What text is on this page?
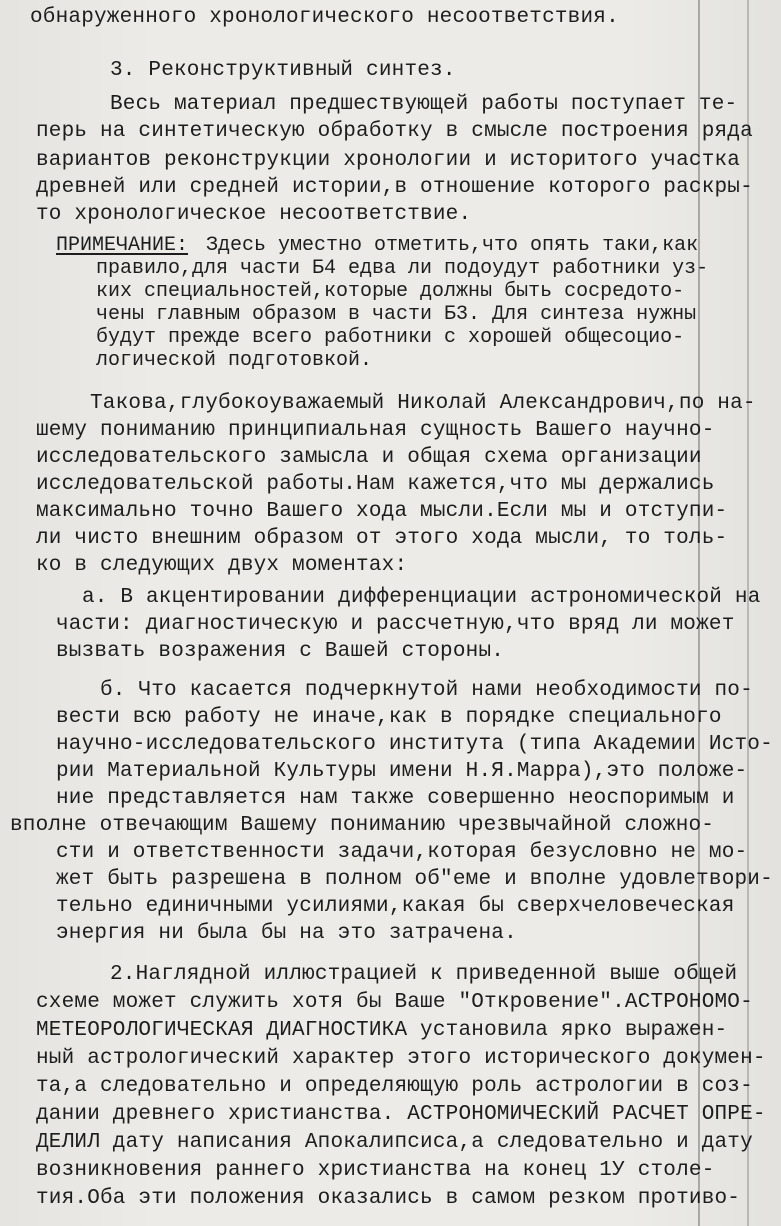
обнаруженного хронологического несоответствия.
3. Реконструктивный синтез.
Весь материал предшествующей работы поступает те-
перь на синтетическую обработку в смысле построения ряда
вариантов реконструкции хронологии и историтого участка
древней или средней истории,в отношение которого раскры-
то хронологическое несоответствие.
ПРИМЕЧАНИЕ: Здесь уместно отметить,что опять таки,как
правило,для части Б4 едва ли подоудут работники уз-
ких специальностей,которые должны быть сосредото-
чены главным образом в части Б3. Для синтеза нужны
будут прежде всего работники с хорошей общесоцио-
логической подготовкой.
Такова,глубокоуважаемый Николай Александрович,по на-
шему пониманию принципиальная сущность Вашего научно-
исследовательского замысла и общая схема организации
исследовательской работы.Нам кажется,что мы держались
максимально точно Вашего хода мысли.Если мы и отступи-
ли чисто внешним образом от этого хода мысли, то толь-
ко в следующих двух моментах:
а. В акцентировании дифференциации астрономической на
части: диагностическую и рассчетную,что вряд ли может
вызвать возражения с Вашей стороны.
б. Что касается подчеркнутой нами необходимости по-
вести всю работу не иначе,как в порядке специального
научно-исследовательского института (типа Академии Исто-
рии Материальной Культуры имени Н.Я.Марра),это положе-
ние представляется нам также совершенно неоспоримым и
вполне отвечающим Вашему пониманию чрезвычайной сложно-
сти и ответственности задачи,которая безусловно не мо-
жет быть разрешена в полном об"еме и вполне удовлетвори-
тельно единичными усилиями,какая бы сверхчеловеческая
энергия ни была бы на это затрачена.
2.Наглядной иллюстрацией к приведенной выше общей
схеме может служить хотя бы Ваше "Откровение".АСТРОНОМО-
МЕТЕОРОЛОГИЧЕСКАЯ ДИАГНОСТИКА установила ярко выражен-
ный астрологический характер этого исторического докумен-
та,а следовательно и определяющую роль астрологии в соз-
дании древнего христианства. АСТРОНОМИЧЕСКИЙ РАСЧЕТ ОПРЕ-
ДЕЛИЛ дату написания Апокалипсиса,а следовательно и дату
возникновения раннего христианства на конец 1У столе-
тия.Оба эти положения оказались в самом резком противо-
